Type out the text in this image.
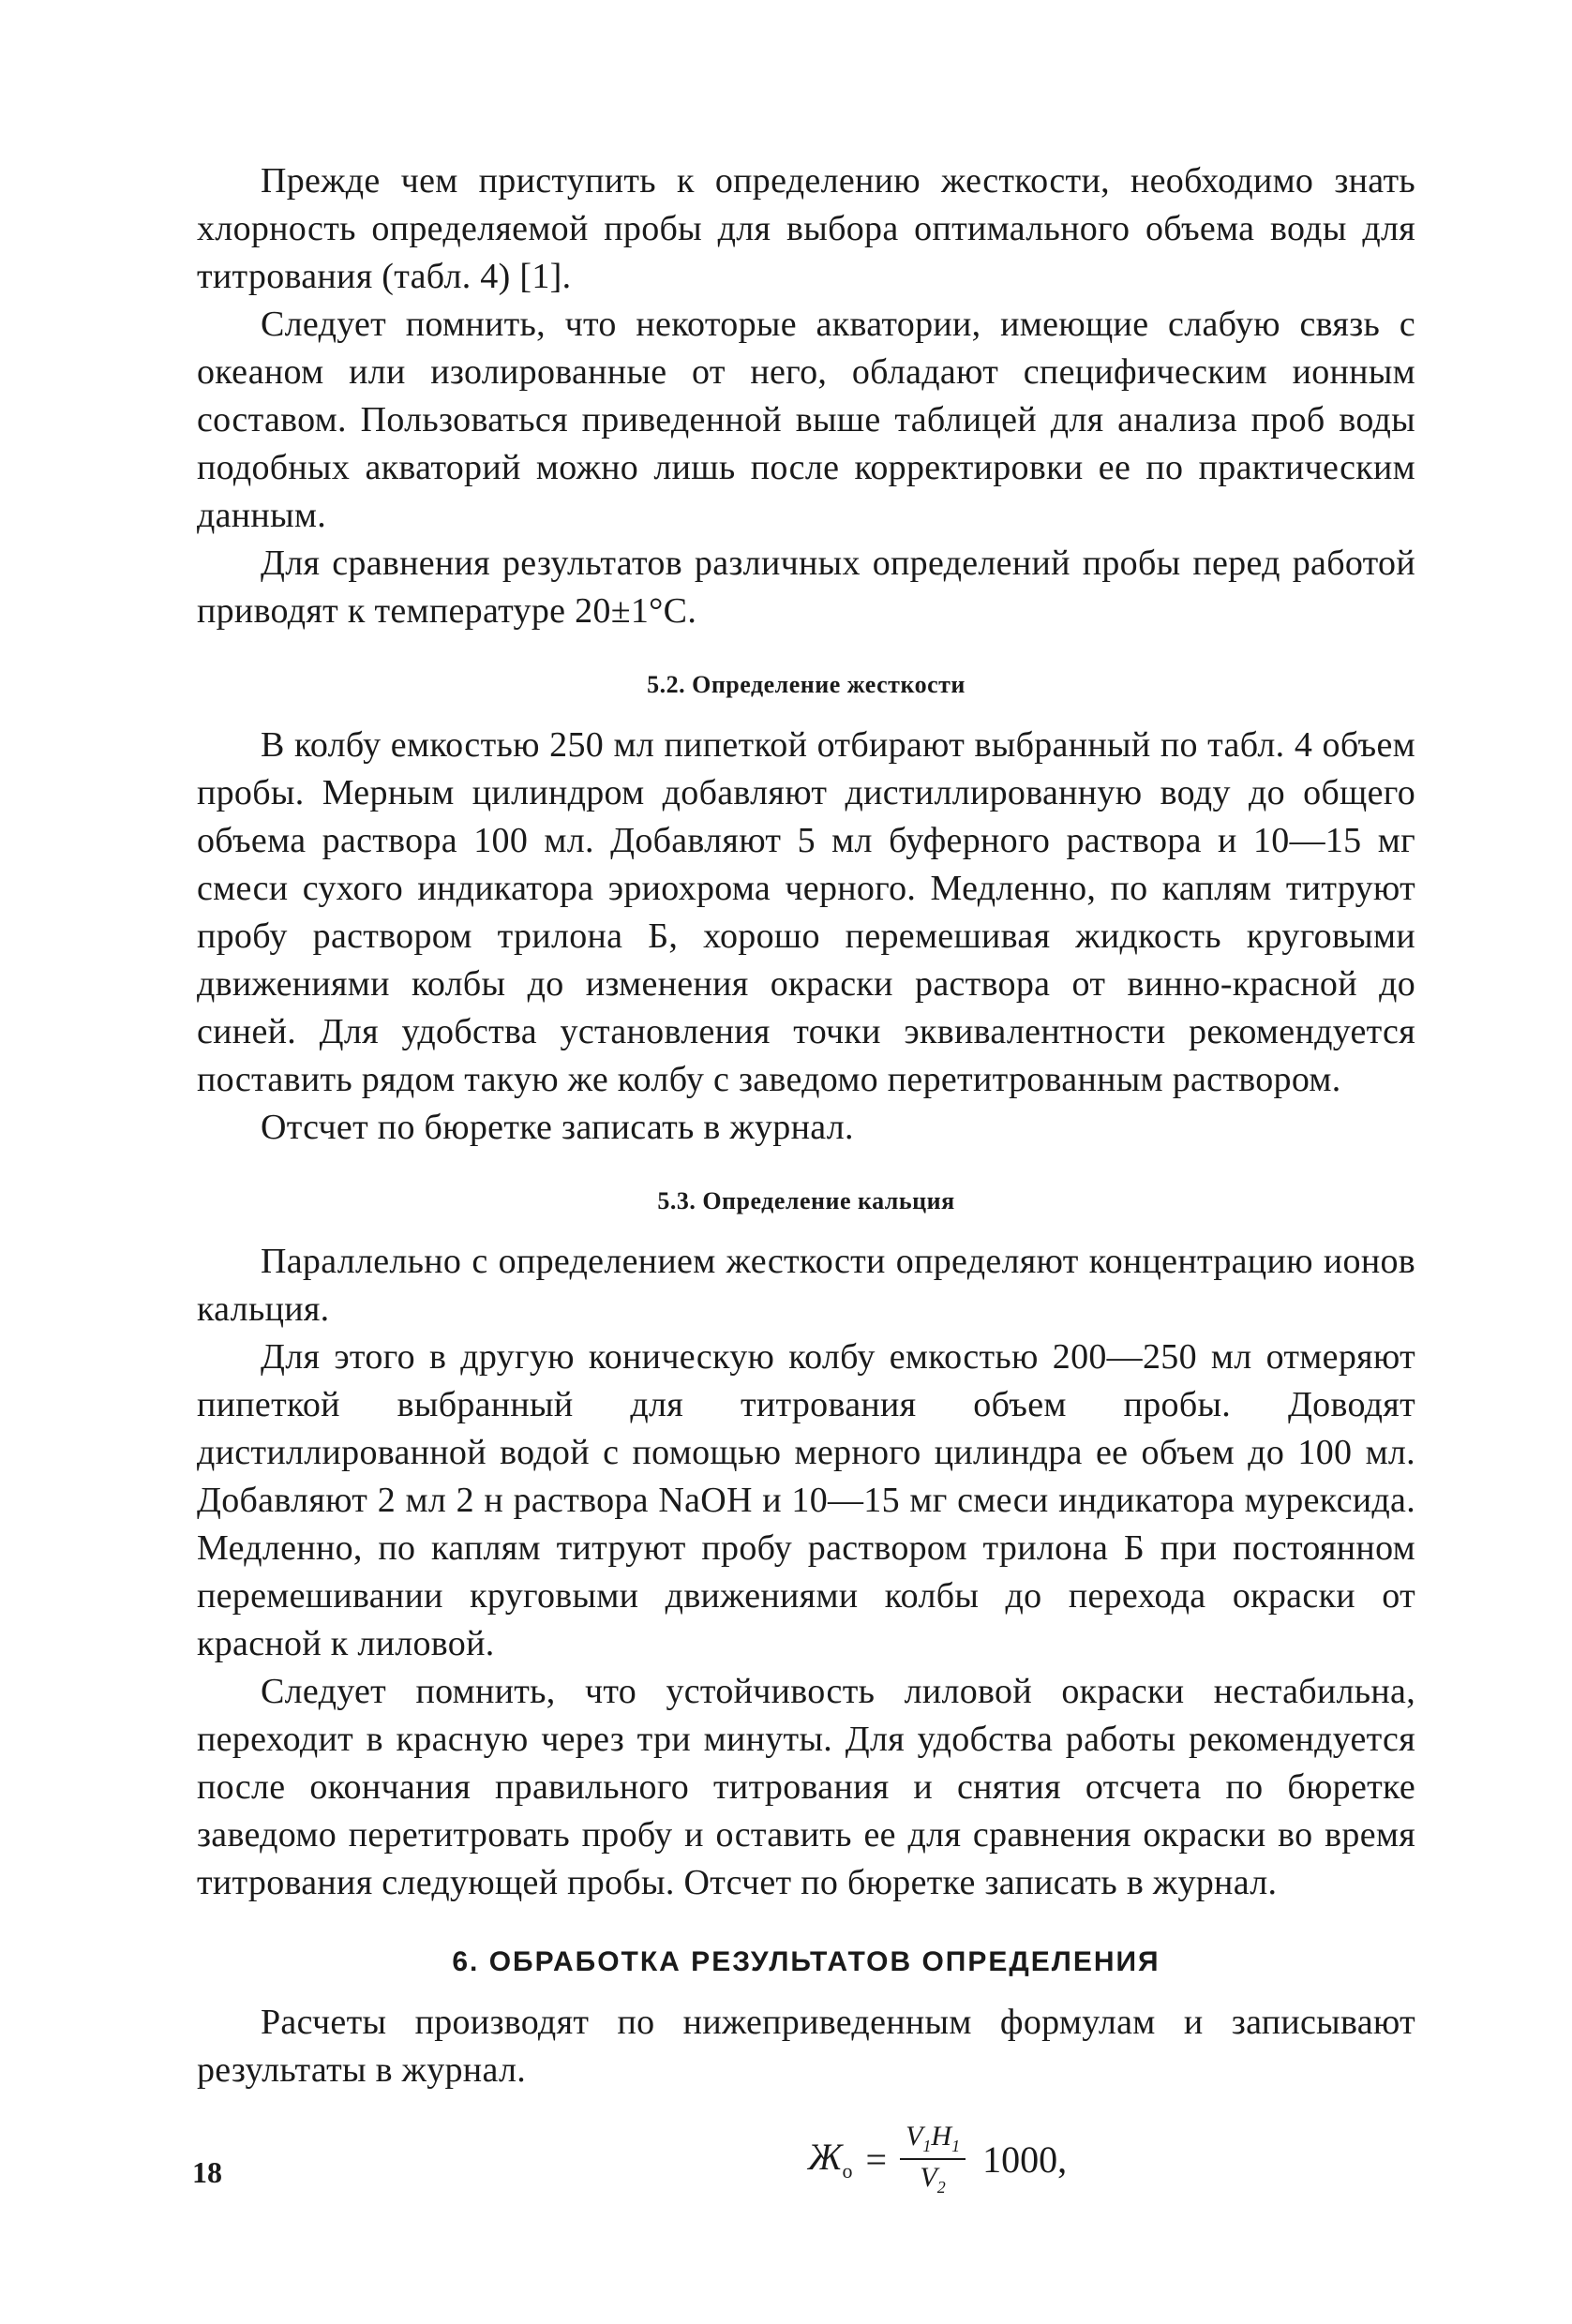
Прежде чем приступить к определению жесткости, необходимо знать хлорность определяемой пробы для выбора оптимального объема воды для титрования (табл. 4) [1].

Следует помнить, что некоторые акватории, имеющие слабую связь с океаном или изолированные от него, обладают специфическим ионным составом. Пользоваться приведенной выше таблицей для анализа проб воды подобных акваторий можно лишь после корректировки ее по практическим данным.

Для сравнения результатов различных определений пробы перед работой приводят к температуре 20±1°С.

5.2. Определение жесткости

В колбу емкостью 250 мл пипеткой отбирают выбранный по табл. 4 объем пробы. Мерным цилиндром добавляют дистиллированную воду до общего объема раствора 100 мл. Добавляют 5 мл буферного раствора и 10—15 мг смеси сухого индикатора эриохрома черного. Медленно, по каплям титруют пробу раствором трилона Б, хорошо перемешивая жидкость круговыми движениями колбы до изменения окраски раствора от винно-красной до синей. Для удобства установления точки эквивалентности рекомендуется поставить рядом такую же колбу с заведомо перетитрованным раствором.

Отсчет по бюретке записать в журнал.

5.3. Определение кальция

Параллельно с определением жесткости определяют концентрацию ионов кальция.

Для этого в другую коническую колбу емкостью 200—250 мл отмеряют пипеткой выбранный для титрования объем пробы. Доводят дистиллированной водой с помощью мерного цилиндра ее объем до 100 мл. Добавляют 2 мл 2 н раствора NaOH и 10—15 мг смеси индикатора мурексида. Медленно, по каплям титруют пробу раствором трилона Б при постоянном перемешивании круговыми движениями колбы до перехода окраски от красной к лиловой.

Следует помнить, что устойчивость лиловой окраски нестабильна, переходит в красную через три минуты. Для удобства работы рекомендуется после окончания правильного титрования и снятия отсчета по бюретке заведомо перетитровать пробу и оставить ее для сравнения окраски во время титрования следующей пробы. Отсчет по бюретке записать в журнал.

6. ОБРАБОТКА РЕЗУЛЬТАТОВ ОПРЕДЕЛЕНИЯ

Расчеты производят по нижеприведенным формулам и записывают результаты в журнал.

$Ж_о = \frac{V_1Н_1}{V_2} 1000$,
18
